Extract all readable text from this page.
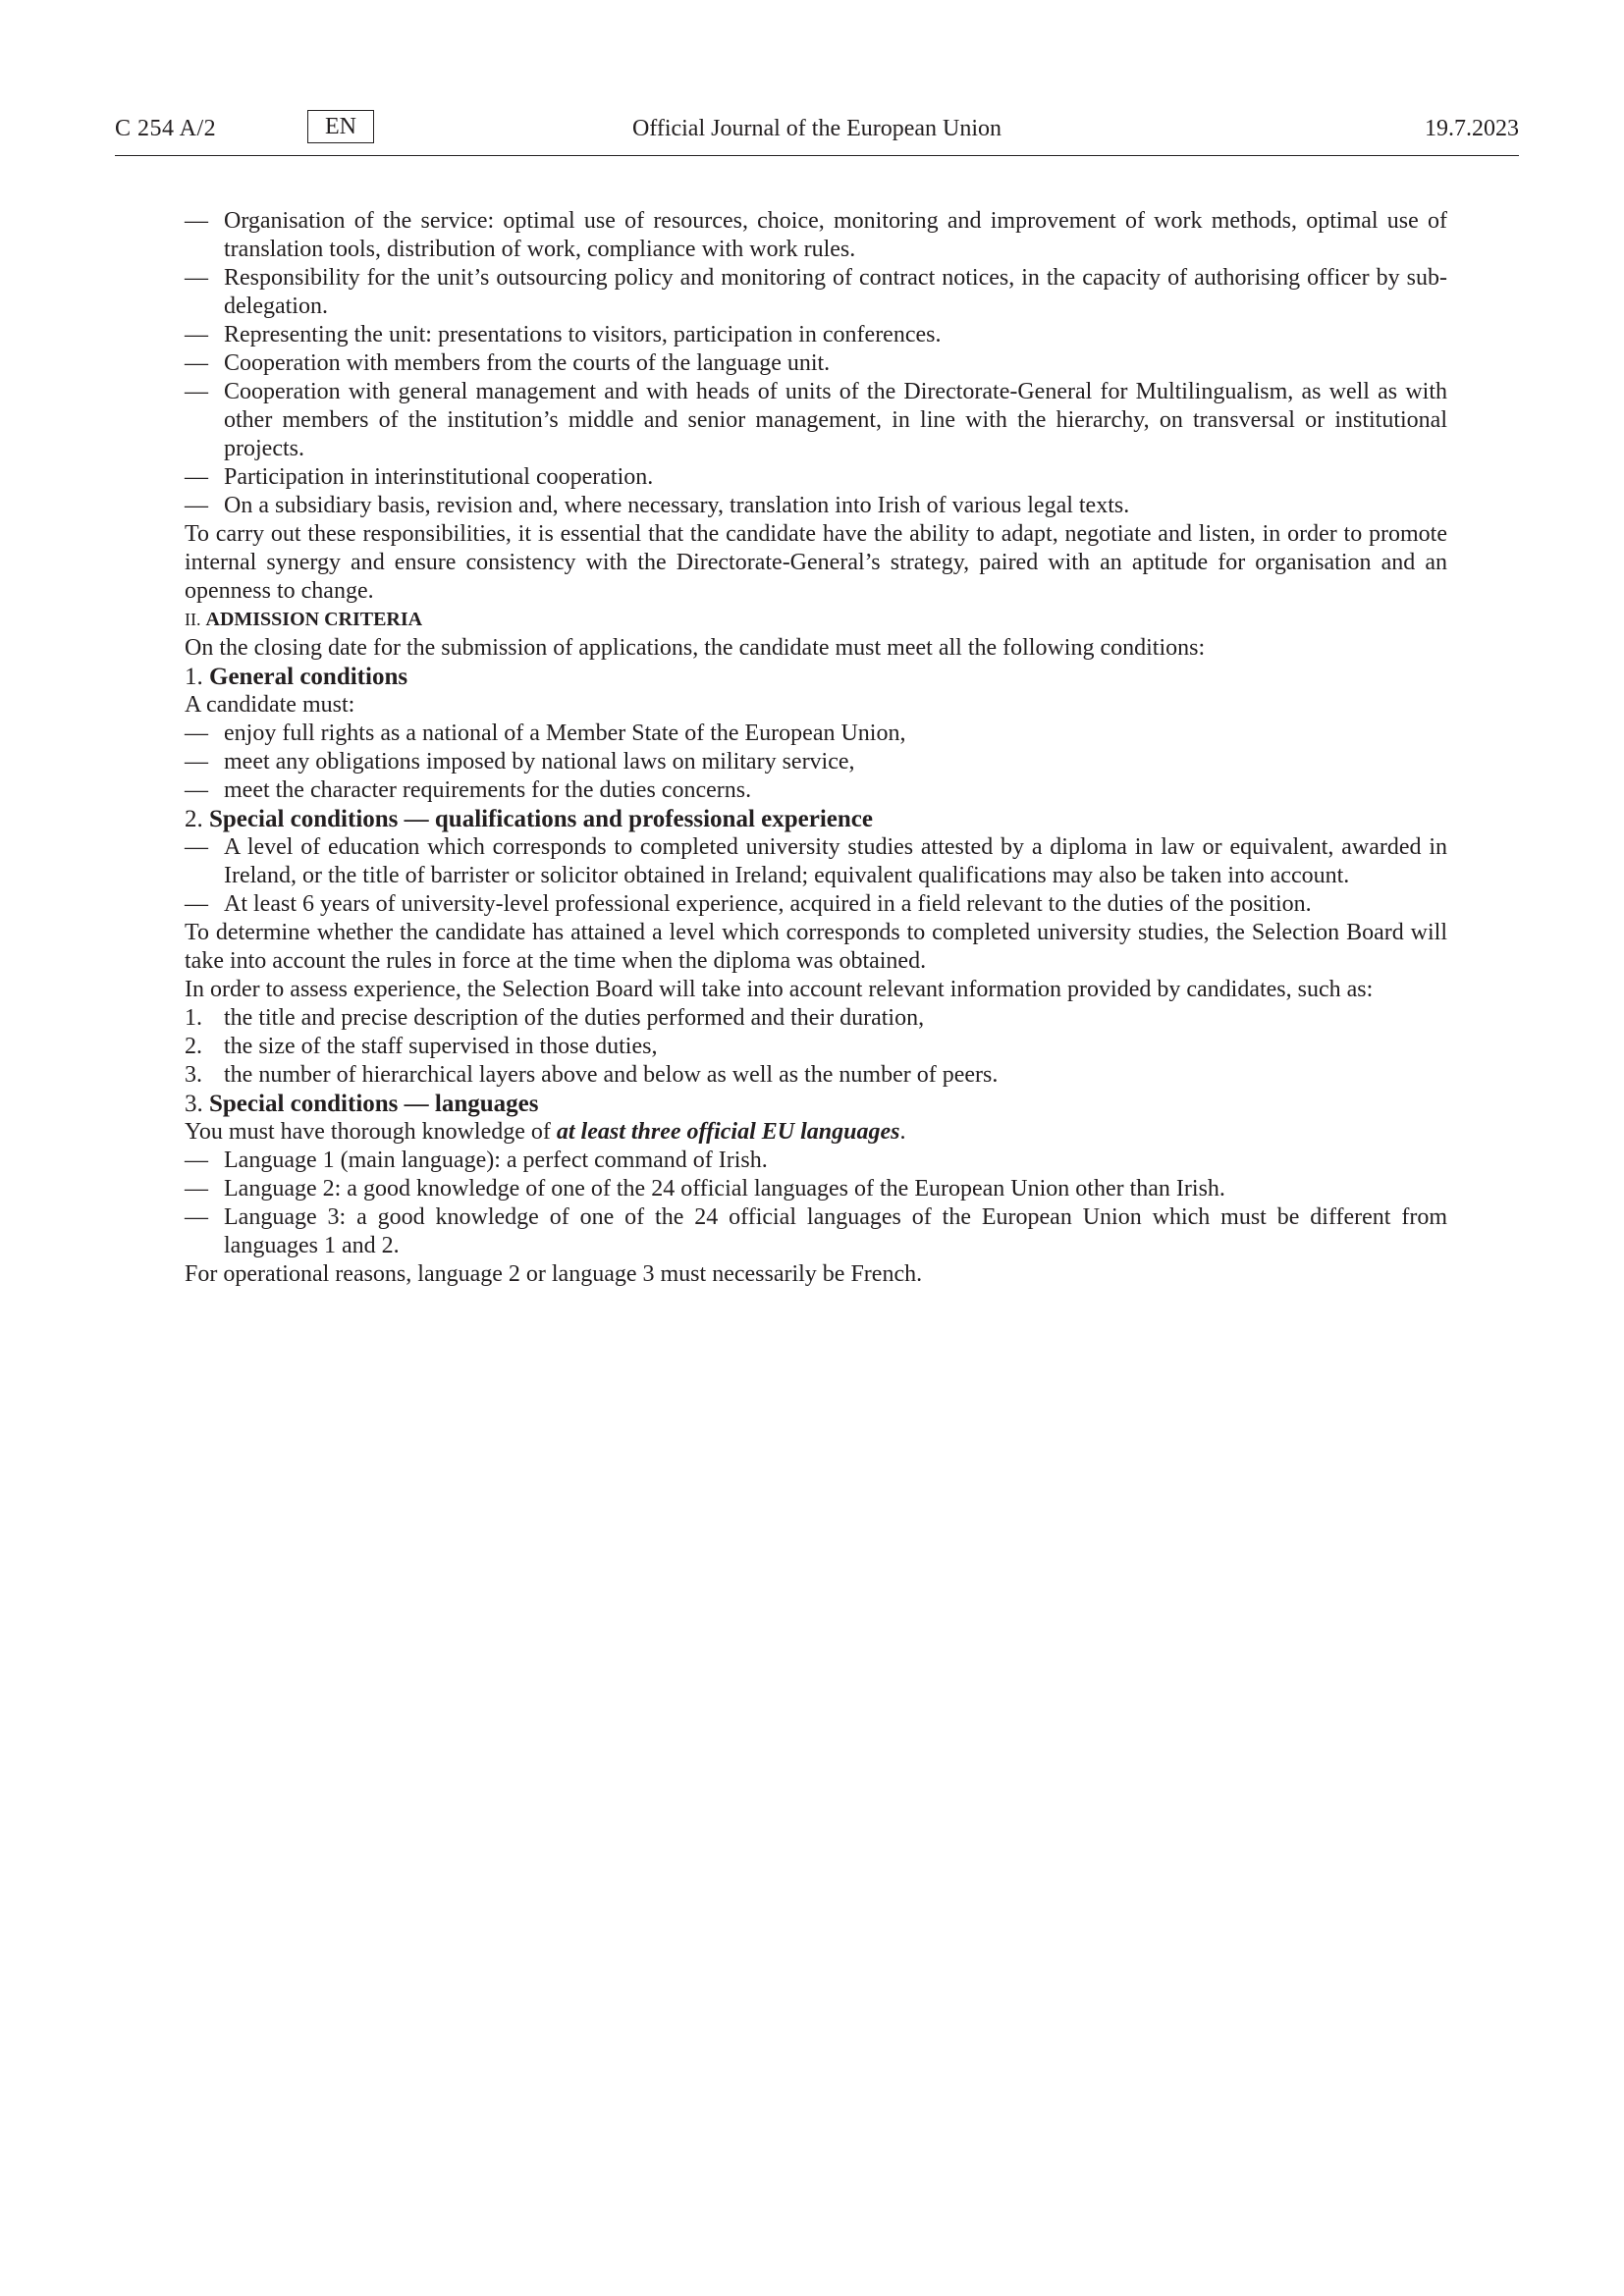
C 254 A/2	EN	Official Journal of the European Union	19.7.2023

— Organisation of the service: optimal use of resources, choice, monitoring and improvement of work methods, optimal use of translation tools, distribution of work, compliance with work rules.

— Responsibility for the unit’s outsourcing policy and monitoring of contract notices, in the capacity of authorising officer by sub-delegation.

— Representing the unit: presentations to visitors, participation in conferences.

— Cooperation with members from the courts of the language unit.

— Cooperation with general management and with heads of units of the Directorate-General for Multilingualism, as well as with other members of the institution’s middle and senior management, in line with the hierarchy, on transversal or institutional projects.

— Participation in interinstitutional cooperation.

— On a subsidiary basis, revision and, where necessary, translation into Irish of various legal texts.

To carry out these responsibilities, it is essential that the candidate have the ability to adapt, negotiate and listen, in order to promote internal synergy and ensure consistency with the Directorate-General’s strategy, paired with an aptitude for organisation and an openness to change.

II. ADMISSION CRITERIA

On the closing date for the submission of applications, the candidate must meet all the following conditions:

1. General conditions

A candidate must:

— enjoy full rights as a national of a Member State of the European Union,

— meet any obligations imposed by national laws on military service,

— meet the character requirements for the duties concerns.

2. Special conditions — qualifications and professional experience

— A level of education which corresponds to completed university studies attested by a diploma in law or equivalent, awarded in Ireland, or the title of barrister or solicitor obtained in Ireland; equivalent qualifications may also be taken into account.

— At least 6 years of university-level professional experience, acquired in a field relevant to the duties of the position.

To determine whether the candidate has attained a level which corresponds to completed university studies, the Selection Board will take into account the rules in force at the time when the diploma was obtained.

In order to assess experience, the Selection Board will take into account relevant information provided by candidates, such as:

1. the title and precise description of the duties performed and their duration,

2. the size of the staff supervised in those duties,

3. the number of hierarchical layers above and below as well as the number of peers.

3. Special conditions — languages

You must have thorough knowledge of at least three official EU languages.

— Language 1 (main language): a perfect command of Irish.

— Language 2: a good knowledge of one of the 24 official languages of the European Union other than Irish.

— Language 3: a good knowledge of one of the 24 official languages of the European Union which must be different from languages 1 and 2.

For operational reasons, language 2 or language 3 must necessarily be French.
